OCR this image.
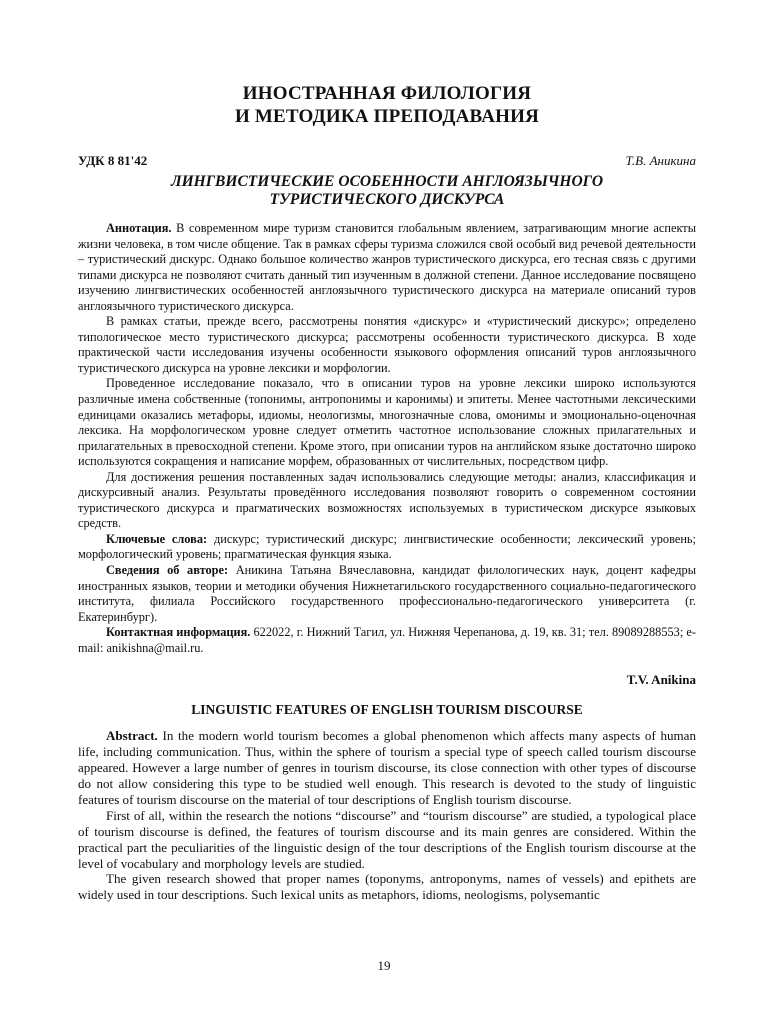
ИНОСТРАННАЯ ФИЛОЛОГИЯ
И МЕТОДИКА ПРЕПОДАВАНИЯ
УДК 8 81'42	Т.В. Аникина
ЛИНГВИСТИЧЕСКИЕ ОСОБЕННОСТИ АНГЛОЯЗЫЧНОГО
ТУРИСТИЧЕСКОГО ДИСКУРСА

Аннотация. В современном мире туризм становится глобальным явлением, затрагивающим многие аспекты жизни человека, в том числе общение. Так в рамках сферы туризма сложился свой особый вид речевой деятельности – туристический дискурс. Однако большое количество жанров туристического дискурса, его тесная связь с другими типами дискурса не позволяют считать данный тип изученным в должной степени. Данное исследование посвящено изучению лингвистических особенностей англоязычного туристического дискурса на материале описаний туров англоязычного туристического дискурса.

В рамках статьи, прежде всего, рассмотрены понятия «дискурс» и «туристический дискурс»; определено типологическое место туристического дискурса; рассмотрены особенности туристического дискурса. В ходе практической части исследования изучены особенности языкового оформления описаний туров англоязычного туристического дискурса на уровне лексики и морфологии.

Проведенное исследование показало, что в описании туров на уровне лексики широко используются различные имена собственные (топонимы, антропонимы и каронимы) и эпитеты. Менее частотными лексическими единицами оказались метафоры, идиомы, неологизмы, многозначные слова, омонимы и эмоционально-оценочная лексика. На морфологическом уровне следует отметить частотное использование сложных прилагательных и прилагательных в превосходной степени. Кроме этого, при описании туров на английском языке достаточно широко используются сокращения и написание морфем, образованных от числительных, посредством цифр.

Для достижения решения поставленных задач использовались следующие методы: анализ, классификация и дискурсивный анализ. Результаты проведённого исследования позволяют говорить о современном состоянии туристического дискурса и прагматических возможностях используемых в туристическом дискурсе языковых средств.

Ключевые слова: дискурс; туристический дискурс; лингвистические особенности; лексический уровень; морфологический уровень; прагматическая функция языка.

Сведения об авторе: Аникина Татьяна Вячеславовна, кандидат филологических наук, доцент кафедры иностранных языков, теории и методики обучения Нижнетагильского государственного социально-педагогического института, филиала Российского государственного профессионально-педагогического университета (г. Екатеринбург).

Контактная информация. 622022, г. Нижний Тагил, ул. Нижняя Черепанова, д. 19, кв. 31; тел. 89089288553; e-mail: anikishna@mail.ru.

T.V. Anikina
LINGUISTIC FEATURES OF ENGLISH TOURISM DISCOURSE

Abstract. In the modern world tourism becomes a global phenomenon which affects many aspects of human life, including communication. Thus, within the sphere of tourism a special type of speech called tourism discourse appeared. However a large number of genres in tourism discourse, its close connection with other types of discourse do not allow considering this type to be studied well enough. This research is devoted to the study of linguistic features of tourism discourse on the material of tour descriptions of English tourism discourse.

First of all, within the research the notions “discourse” and “tourism discourse” are studied, a typological place of tourism discourse is defined, the features of tourism discourse and its main genres are considered. Within the practical part the peculiarities of the linguistic design of the tour descriptions of the English tourism discourse at the level of vocabulary and morphology levels are studied.

The given research showed that proper names (toponyms, antroponyms, names of vessels) and epithets are widely used in tour descriptions. Such lexical units as metaphors, idioms, neologisms, polysemantic

19
